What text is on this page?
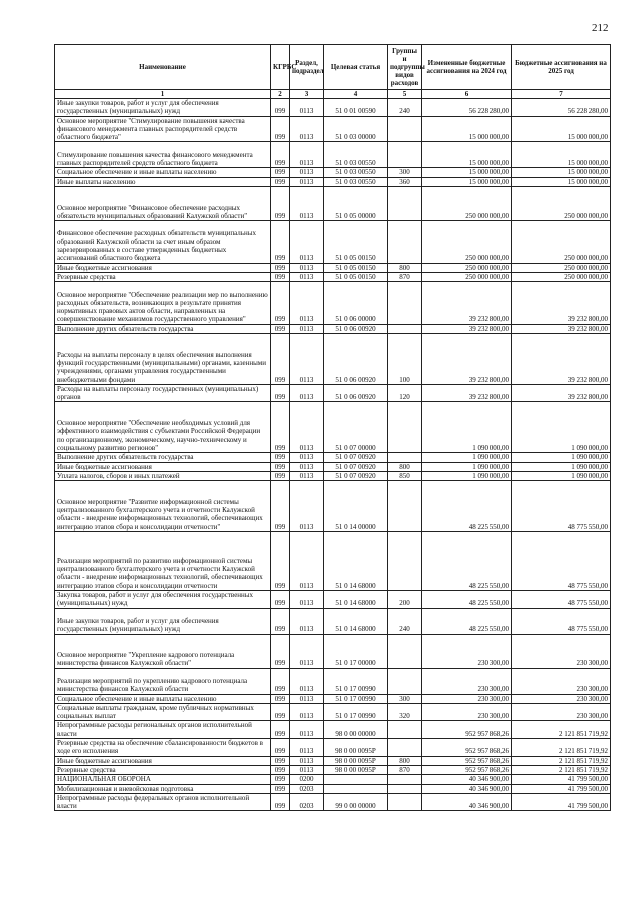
212
Наименование	КГРБС	Раздел, подраздел	Целевая статья	Группы и подгруппы видов расходов	Измененные бюджетные ассигнования на 2024 год	Бюджетные ассигнования на 2025 год
1	2	3	4	5	6	7
Иные закупки товаров, работ и услуг для обеспечения государственных (муниципальных) нужд	099	0113	51 0 01 00590	240	56 228 280,00	56 228 280,00
Основное мероприятие "Стимулирование повышения качества финансового менеджмента главных распорядителей средств областного бюджета"	099	0113	51 0 03 00000		15 000 000,00	15 000 000,00
Стимулирование повышения качества финансового менеджмента главных распорядителей средств областного бюджета	099	0113	51 0 03 00550		15 000 000,00	15 000 000,00
Социальное обеспечение и иные выплаты населению	099	0113	51 0 03 00550	300	15 000 000,00	15 000 000,00
Иные выплаты населению	099	0113	51 0 03 00550	360	15 000 000,00	15 000 000,00
Основное мероприятие "Финансовое обеспечение расходных обязательств муниципальных образований Калужской области"	099	0113	51 0 05 00000		250 000 000,00	250 000 000,00
Финансовое обеспечение расходных обязательств муниципальных образований Калужской области за счет иным образом зарезервированных в составе утвержденных бюджетных ассигнований областного бюджета	099	0113	51 0 05 00150		250 000 000,00	250 000 000,00
Иные бюджетные ассигнования	099	0113	51 0 05 00150	800	250 000 000,00	250 000 000,00
Резервные средства	099	0113	51 0 05 00150	870	250 000 000,00	250 000 000,00
Основное мероприятие "Обеспечение реализации мер по выполнению расходных обязательств, возникающих в результате принятия нормативных правовых актов области, направленных на совершенствование механизмов государственного управления"	099	0113	51 0 06 00000		39 232 800,00	39 232 800,00
Выполнение других обязательств государства	099	0113	51 0 06 00920		39 232 800,00	39 232 800,00
Расходы на выплаты персоналу в целях обеспечения выполнения функций государственными (муниципальными) органами, казенными учреждениями, органами управления государственными внебюджетными фондами	099	0113	51 0 06 00920	100	39 232 800,00	39 232 800,00
Расходы на выплаты персоналу государственных (муниципальных) органов	099	0113	51 0 06 00920	120	39 232 800,00	39 232 800,00
Основное мероприятие "Обеспечение необходимых условий для эффективного взаимодействия с субъектами Российской Федерации по организационному, экономическому, научно-техническому и социальному развитию регионов"	099	0113	51 0 07 00000		1 090 000,00	1 090 000,00
Выполнение других обязательств государства	099	0113	51 0 07 00920		1 090 000,00	1 090 000,00
Иные бюджетные ассигнования	099	0113	51 0 07 00920	800	1 090 000,00	1 090 000,00
Уплата налогов, сборов и иных платежей	099	0113	51 0 07 00920	850	1 090 000,00	1 090 000,00
Основное мероприятие "Развитие информационной системы централизованного бухгалтерского учета и отчетности Калужской области - внедрение информационных технологий, обеспечивающих интеграцию этапов сбора и консолидации отчетности"	099	0113	51 0 14 00000		48 225 550,00	48 775 550,00
Реализация мероприятий по развитию информационной системы централизованного бухгалтерского учета и отчетности Калужской области - внедрение информационных технологий, обеспечивающих интеграцию этапов сбора и консолидации отчетности	099	0113	51 0 14 68000		48 225 550,00	48 775 550,00
Закупка товаров, работ и услуг для обеспечения государственных (муниципальных) нужд	099	0113	51 0 14 68000	200	48 225 550,00	48 775 550,00
Иные закупки товаров, работ и услуг для обеспечения государственных (муниципальных) нужд	099	0113	51 0 14 68000	240	48 225 550,00	48 775 550,00
Основное мероприятие "Укрепление кадрового потенциала министерства финансов Калужской области"	099	0113	51 0 17 00000		230 300,00	230 300,00
Реализация мероприятий по укреплению кадрового потенциала министерства финансов Калужской области	099	0113	51 0 17 00990		230 300,00	230 300,00
Социальное обеспечение и иные выплаты населению	099	0113	51 0 17 00990	300	230 300,00	230 300,00
Социальные выплаты гражданам, кроме публичных нормативных социальных выплат	099	0113	51 0 17 00990	320	230 300,00	230 300,00
Непрограммные расходы региональных органов исполнительной власти	099	0113	98 0 00 00000		952 957 868,26	2 121 851 719,92
Резервные средства на обеспечение сбалансированности бюджетов в ходе его исполнения	099	0113	98 0 00 0095Р		952 957 868,26	2 121 851 719,92
Иные бюджетные ассигнования	099	0113	98 0 00 0095Р	800	952 957 868,26	2 121 851 719,92
Резервные средства	099	0113	98 0 00 0095Р	870	952 957 868,26	2 121 851 719,92
НАЦИОНАЛЬНАЯ ОБОРОНА	099	0200			40 346 900,00	41 799 500,00
Мобилизационная и вневойсковая подготовка	099	0203			40 346 900,00	41 799 500,00
Непрограммные расходы федеральных органов исполнительной власти	099	0203	99 0 00 00000		40 346 900,00	41 799 500,00
